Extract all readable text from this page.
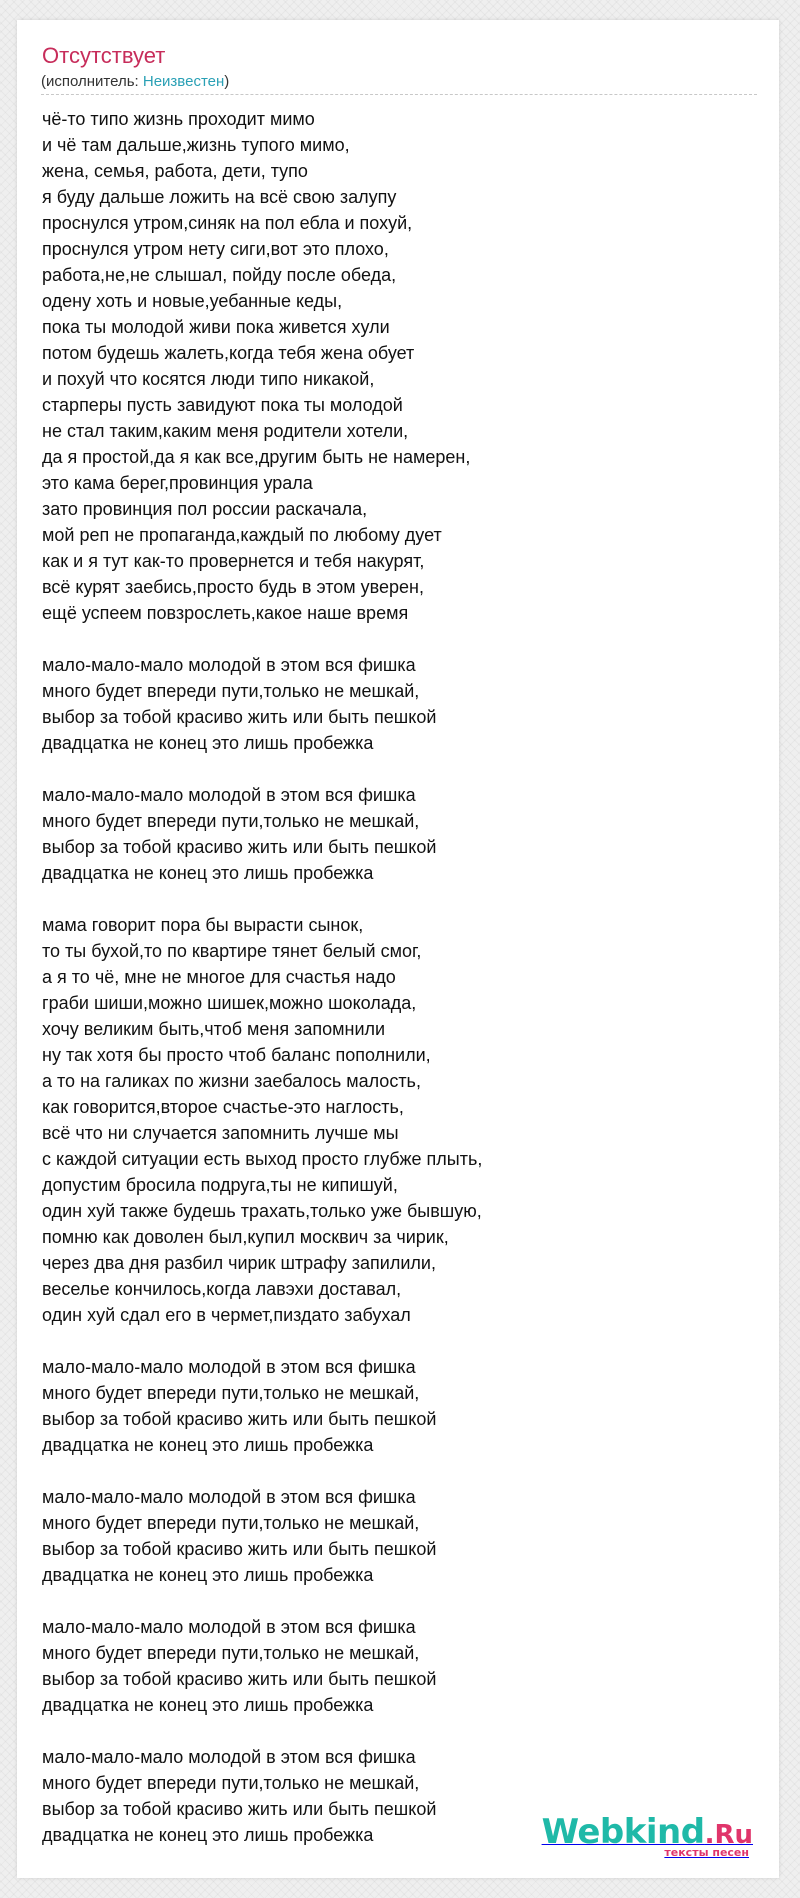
Отсутствует
(исполнитель: Неизвестен)
чё-то типо жизнь проходит мимо
и чё там дальше,жизнь тупого мимо,
жена, семья, работа, дети, тупо
я буду дальше ложить на всё свою залупу
проснулся утром,синяк на пол ебла и похуй,
проснулся утром нету сиги,вот это плохо,
работа,не,не слышал, пойду после обеда,
одену хоть и новые,уебанные кеды,
пока ты молодой живи пока живется хули
потом будешь жалеть,когда тебя жена обует
и похуй что косятся люди типо никакой,
старперы пусть завидуют пока ты молодой
не стал таким,каким меня родители хотели,
да я простой,да я как все,другим быть не намерен,
это кама берег,провинция урала
зато провинция пол россии раскачала,
мой реп не пропаганда,каждый по любому дует
как и я тут как-то провернется и тебя накурят,
всё курят заебись,просто будь в этом уверен,
ещё успеем повзрослеть,какое наше время

мало-мало-мало молодой в этом вся фишка
много будет впереди пути,только не мешкай,
выбор за тобой красиво жить или быть пешкой
двадцатка не конец это лишь пробежка

мало-мало-мало молодой в этом вся фишка
много будет впереди пути,только не мешкай,
выбор за тобой красиво жить или быть пешкой
двадцатка не конец это лишь пробежка

мама говорит пора бы вырасти сынок,
то ты бухой,то по квартире тянет белый смог,
а я то чё, мне не многое для счастья надо
граби шиши,можно шишек,можно шоколада,
хочу великим быть,чтоб меня запомнили
ну так хотя бы просто чтоб баланс пополнили,
а то на галиках по жизни заебалось малость,
как говорится,второе счастье-это наглость,
всё что ни случается запомнить лучше мы
с каждой ситуации есть выход просто глубже плыть,
допустим бросила подруга,ты не кипишуй,
один хуй также будешь трахать,только уже бывшую,
помню как доволен был,купил москвич за чирик,
через два дня разбил чирик штрафу запилили,
веселье кончилось,когда лавэхи доставал,
один хуй сдал его в чермет,пиздато забухал

мало-мало-мало молодой в этом вся фишка
много будет впереди пути,только не мешкай,
выбор за тобой красиво жить или быть пешкой
двадцатка не конец это лишь пробежка

мало-мало-мало молодой в этом вся фишка
много будет впереди пути,только не мешкай,
выбор за тобой красиво жить или быть пешкой
двадцатка не конец это лишь пробежка

мало-мало-мало молодой в этом вся фишка
много будет впереди пути,только не мешкай,
выбор за тобой красиво жить или быть пешкой
двадцатка не конец это лишь пробежка

мало-мало-мало молодой в этом вся фишка
много будет впереди пути,только не мешкай,
выбор за тобой красиво жить или быть пешкой
двадцатка не конец это лишь пробежка	Webkind.Ru
тексты песен
